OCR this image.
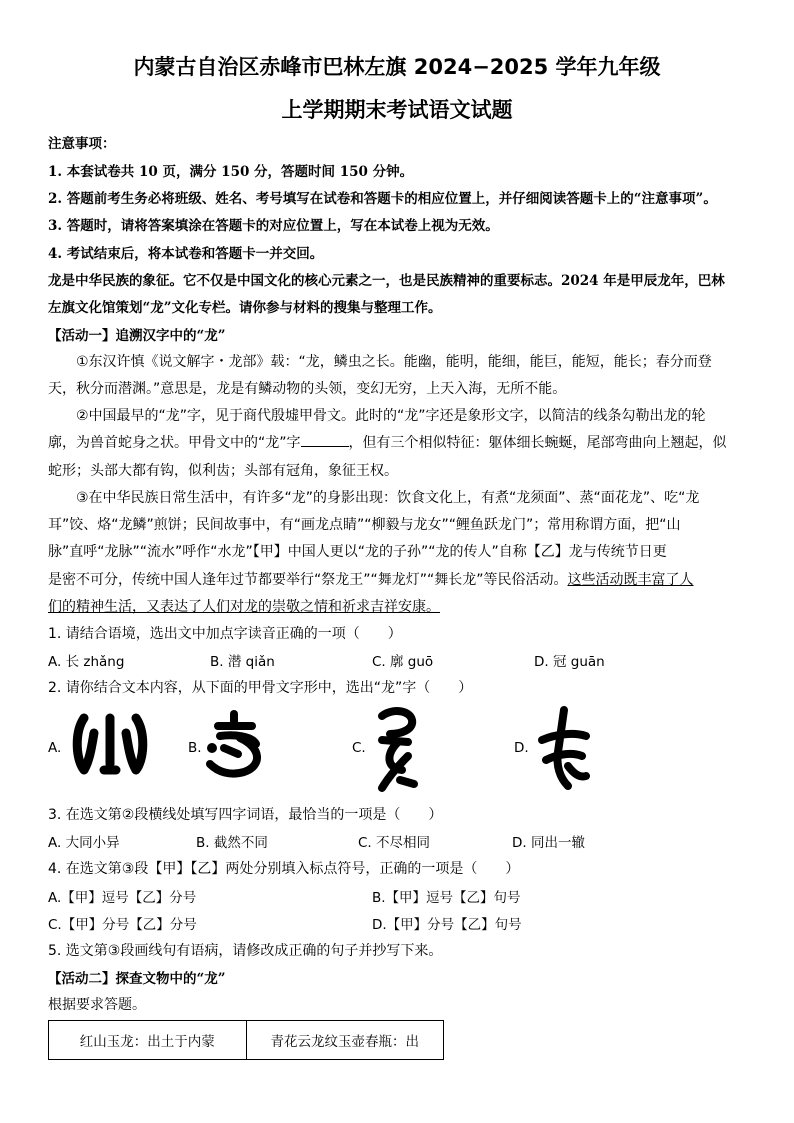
内蒙古自治区赤峰市巴林左旗 2024−2025 学年九年级
上学期期末考试语文试题
注意事项：
1. 本套试卷共 10 页，满分 150 分，答题时间 150 分钟。
2. 答题前考生务必将班级、姓名、考号填写在试卷和答题卡的相应位置上，并仔细阅读答题卡上的“注意事项”。
3. 答题时，请将答案填涂在答题卡的对应位置上，写在本试卷上视为无效。
4. 考试结束后，将本试卷和答题卡一并交回。
龙是中华民族的象征。它不仅是中国文化的核心元素之一，也是民族精神的重要标志。2024 年是甲辰龙年，巴林
左旗文化馆策划“龙”文化专栏。请你参与材料的搜集与整理工作。
【活动一】追溯汉字中的“龙”
①东汉许慎《说文解字・龙部》载：“龙，鳞虫之长。能幽，能明，能细，能巨，能短，能长；春分而登
天，秋分而潜渊。”意思是，龙是有鳞动物的头领，变幻无穷，上天入海，无所不能。
②中国最早的“龙”字，见于商代殷墟甲骨文。此时的“龙”字还是象形文字，以简洁的线条勾勒出龙的轮
廓，为兽首蛇身之状。甲骨文中的“龙”字	，但有三个相似特征：躯体细长蜿蜒，尾部弯曲向上翘起，似
蛇形；头部大都有钩，似利齿；头部有冠角，象征王权。
③在中华民族日常生活中，有许多“龙”的身影出现：饮食文化上，有煮“龙须面”、蒸“面花龙”、吃“龙
耳”饺、烙“龙鳞”煎饼；民间故事中，有“画龙点睛”“柳毅与龙女”“鲤鱼跃龙门”；常用称谓方面，把“山
脉”直呼“龙脉”“流水”呼作“水龙”【甲】中国人更以“龙的子孙”“龙的传人”自称【乙】龙与传统节日更
是密不可分，传统中国人逢年过节都要举行“祭龙王”“舞龙灯”“舞长龙”等民俗活动。这些活动既丰富了人
们的精神生活，又表达了人们对龙的崇敬之情和祈求吉祥安康。
1. 请结合语境，选出文中加点字读音正确的一项（　　）
A. 长 zhǎng	B. 潜 qiǎn	C. 廓 guō	D. 冠 guān
2. 请你结合文本内容，从下面的甲骨文字形中，选出“龙”字（　　）
A.	B.	C.	D.
3. 在选文第②段横线处填写四字词语，最恰当的一项是（　　）
A. 大同小异	B. 截然不同	C. 不尽相同	D. 同出一辙
4. 在选文第③段【甲】【乙】两处分别填入标点符号，正确的一项是（　　）
A.【甲】逗号【乙】分号	B.【甲】逗号【乙】句号
C.【甲】分号【乙】分号	D.【甲】分号【乙】句号
5. 选文第③段画线句有语病，请修改成正确的句子并抄写下来。
【活动二】探查文物中的“龙”
根据要求答题。
红山玉龙：出土于内蒙	青花云龙纹玉壶春瓶：出
